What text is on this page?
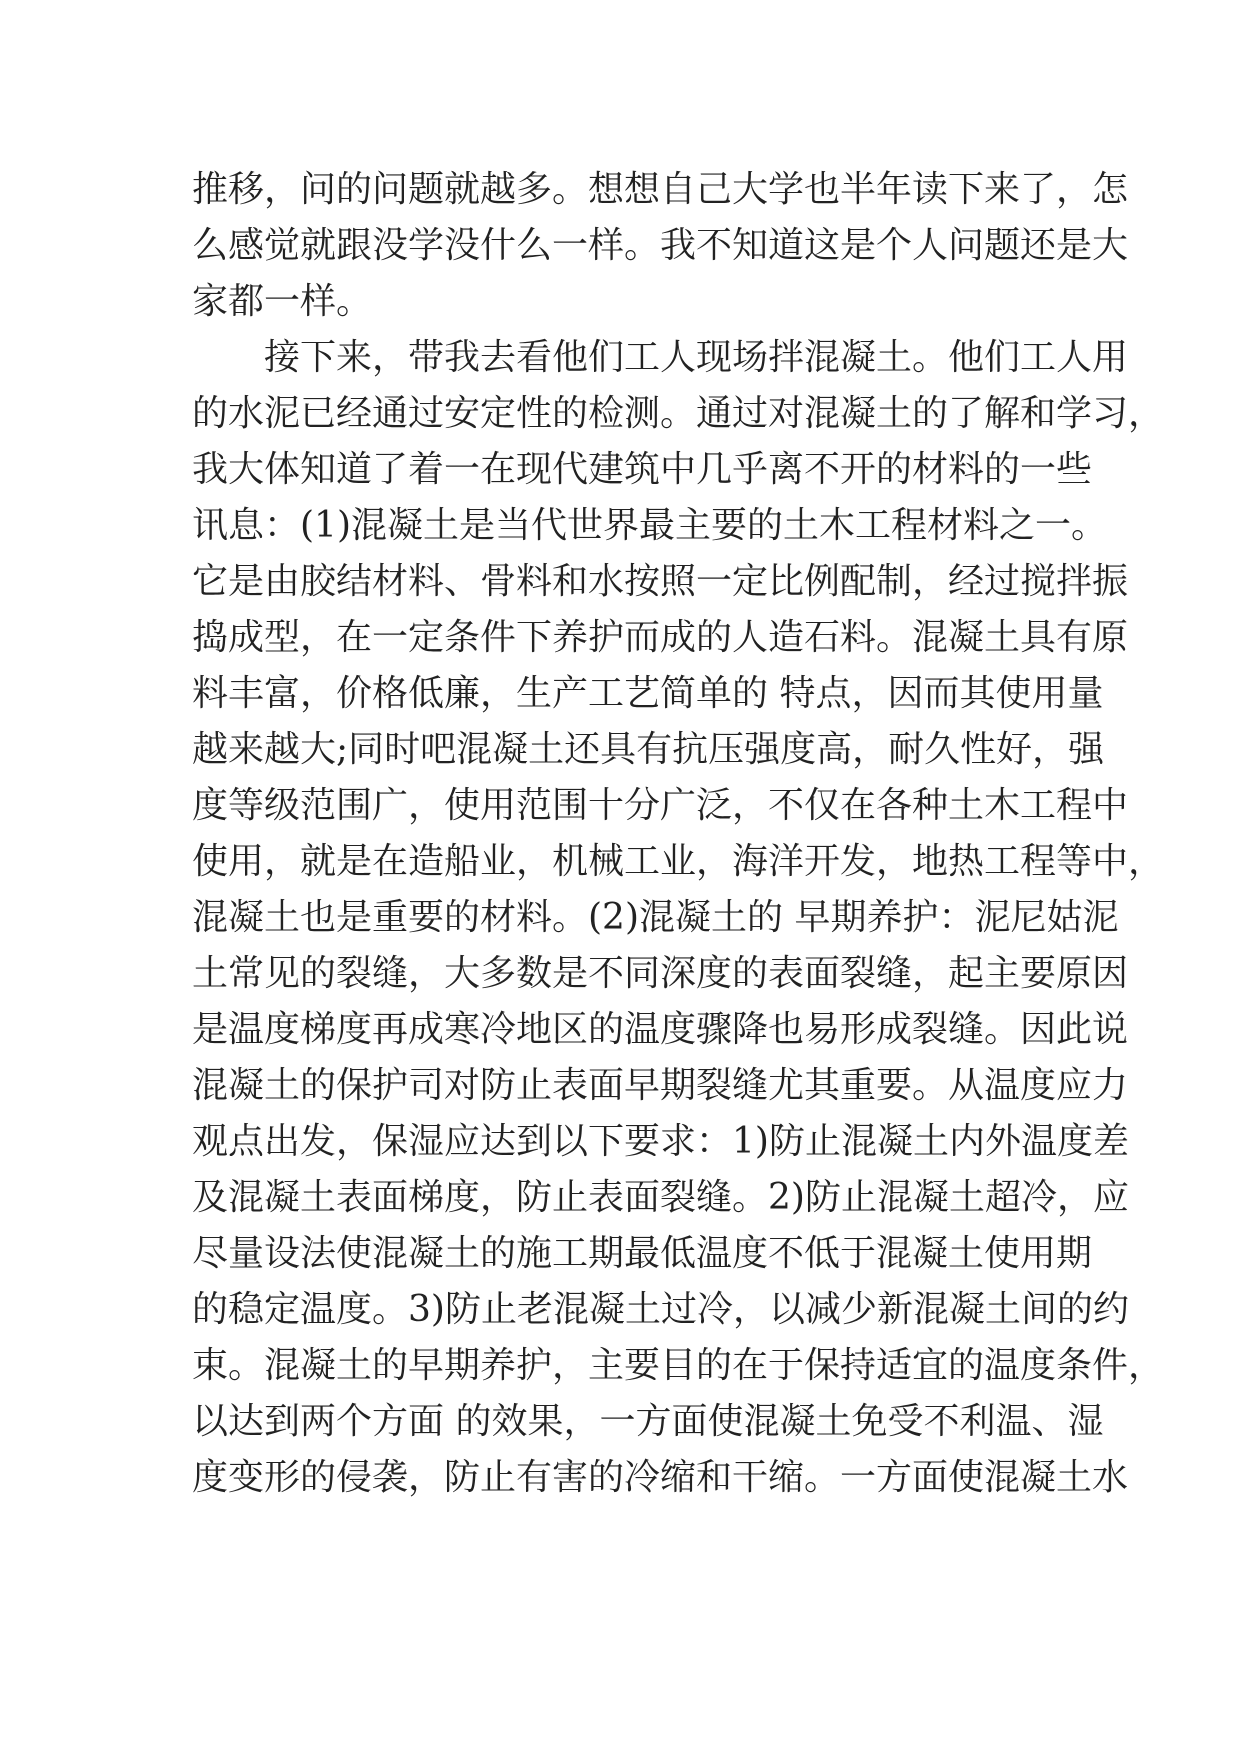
推移，问的问题就越多。想想自己大学也半年读下来了，怎
么感觉就跟没学没什么一样。我不知道这是个人问题还是大
家都一样。
接下来，带我去看他们工人现场拌混凝土。他们工人用
的水泥已经通过安定性的检测。通过对混凝土的了解和学习，
我大体知道了着一在现代建筑中几乎离不开的材料的一些
讯息：(1)混凝土是当代世界最主要的土木工程材料之一。
它是由胶结材料、骨料和水按照一定比例配制，经过搅拌振
捣成型，在一定条件下养护而成的人造石料。混凝土具有原
料丰富，价格低廉，生产工艺简单的 特点，因而其使用量
越来越大;同时吧混凝土还具有抗压强度高，耐久性好，强
度等级范围广，使用范围十分广泛，不仅在各种土木工程中
使用，就是在造船业，机械工业，海洋开发，地热工程等中，
混凝土也是重要的材料。(2)混凝土的 早期养护：泥尼姑泥
土常见的裂缝，大多数是不同深度的表面裂缝，起主要原因
是温度梯度再成寒冷地区的温度骤降也易形成裂缝。因此说
混凝土的保护司对防止表面早期裂缝尤其重要。从温度应力
观点出发，保湿应达到以下要求：1)防止混凝土内外温度差
及混凝土表面梯度，防止表面裂缝。2)防止混凝土超冷，应
尽量设法使混凝土的施工期最低温度不低于混凝土使用期
的稳定温度。3)防止老混凝土过冷，以减少新混凝土间的约
束。混凝土的早期养护，主要目的在于保持适宜的温度条件，
以达到两个方面 的效果，一方面使混凝土免受不利温、湿
度变形的侵袭，防止有害的冷缩和干缩。一方面使混凝土水
